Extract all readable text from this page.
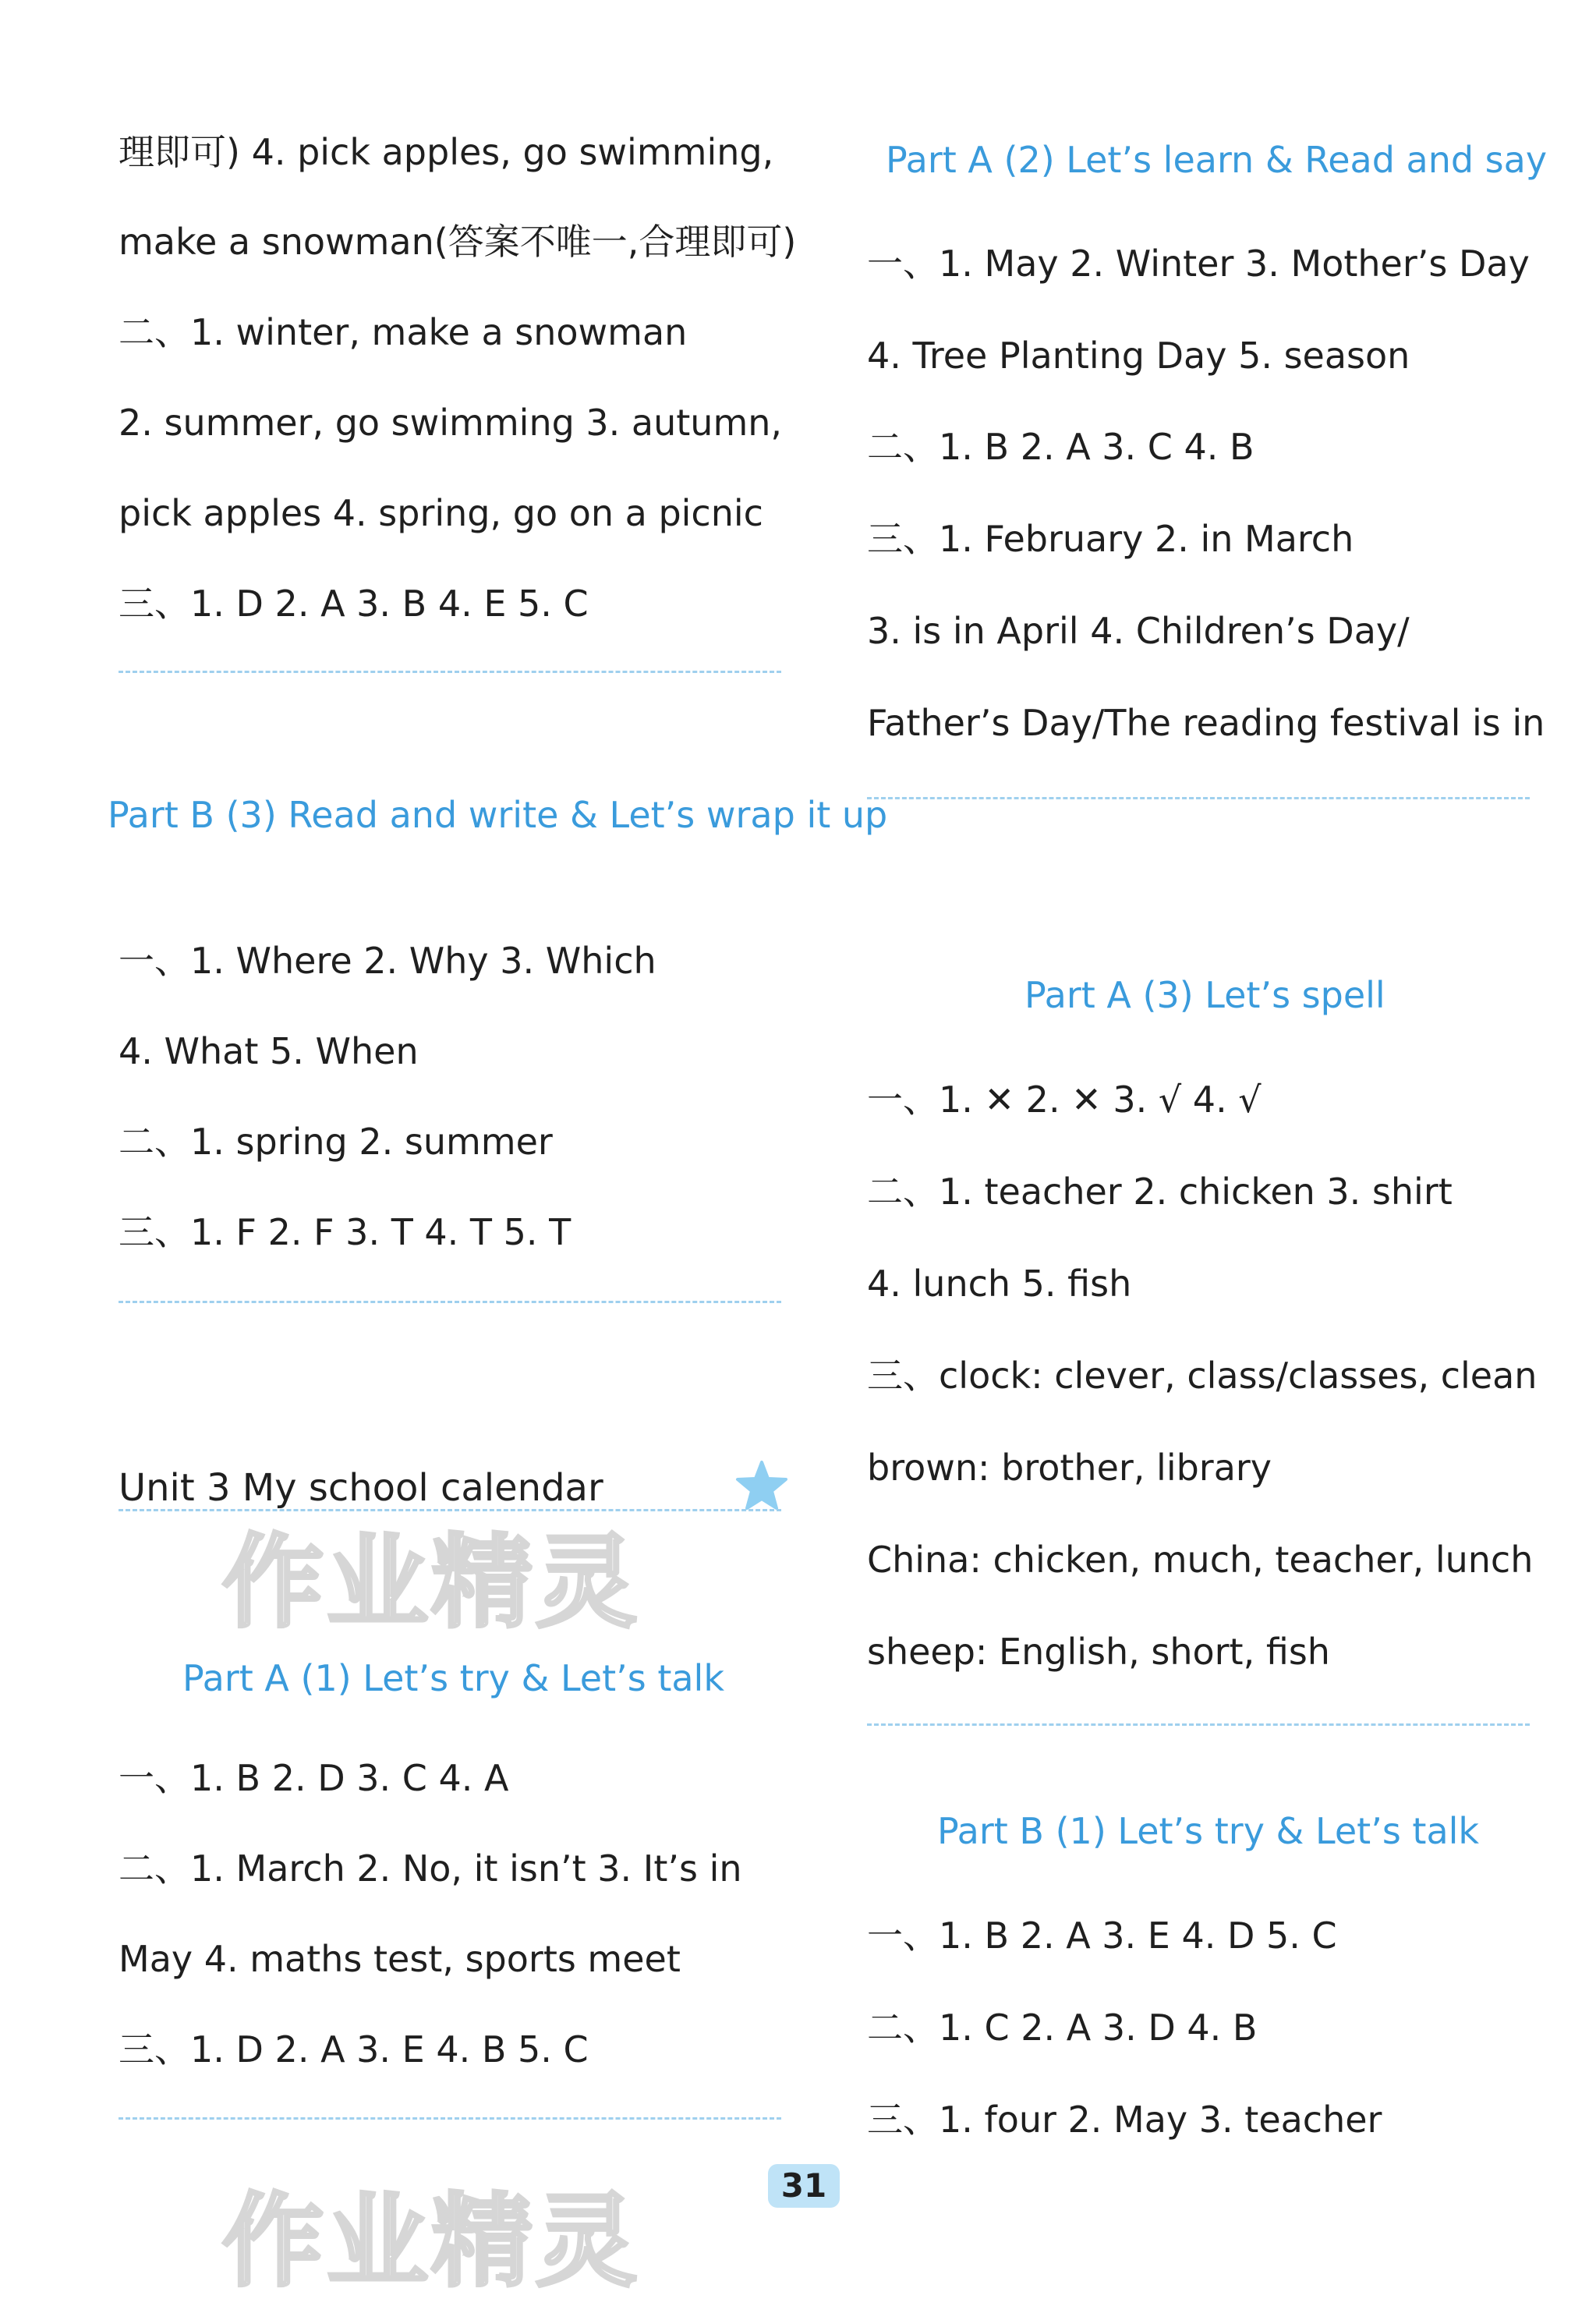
理即可) 4. pick apples, go swimming,
make a snowman(答案不唯一,合理即可)
二、1. winter, make a snowman
2. summer, go swimming 3. autumn,
pick apples 4. spring, go on a picnic
三、1. D 2. A 3. B 4. E 5. C
Part B (3) Read and write & Let’s wrap it up
一、1. Where 2. Why 3. Which
4. What 5. When
二、1. spring 2. summer
三、1. F 2. F 3. T 4. T 5. T
Unit 3 My school calendar
Part A (1) Let’s try & Let’s talk
一、1. B 2. D 3. C 4. A
二、1. March 2. No, it isn’t 3. It’s in
May 4. maths test, sports meet
三、1. D 2. A 3. E 4. B 5. C
Part A (2) Let’s learn & Read and say
一、1. May 2. Winter 3. Mother’s Day
4. Tree Planting Day 5. season
二、1. B 2. A 3. C 4. B
三、1. February 2. in March
3. is in April 4. Children’s Day/
Father’s Day/The reading festival is in
Part A (3) Let’s spell
一、1. ✕ 2. ✕ 3. √ 4. √
二、1. teacher 2. chicken 3. shirt
4. lunch 5. fish
三、clock: clever, class/classes, clean
brown: brother, library
China: chicken, much, teacher, lunch
sheep: English, short, fish
Part B (1) Let’s try & Let’s talk
一、1. B 2. A 3. E 4. D 5. C
二、1. C 2. A 3. D 4. B
三、1. four 2. May 3. teacher
作业精灵
作业精灵	31
